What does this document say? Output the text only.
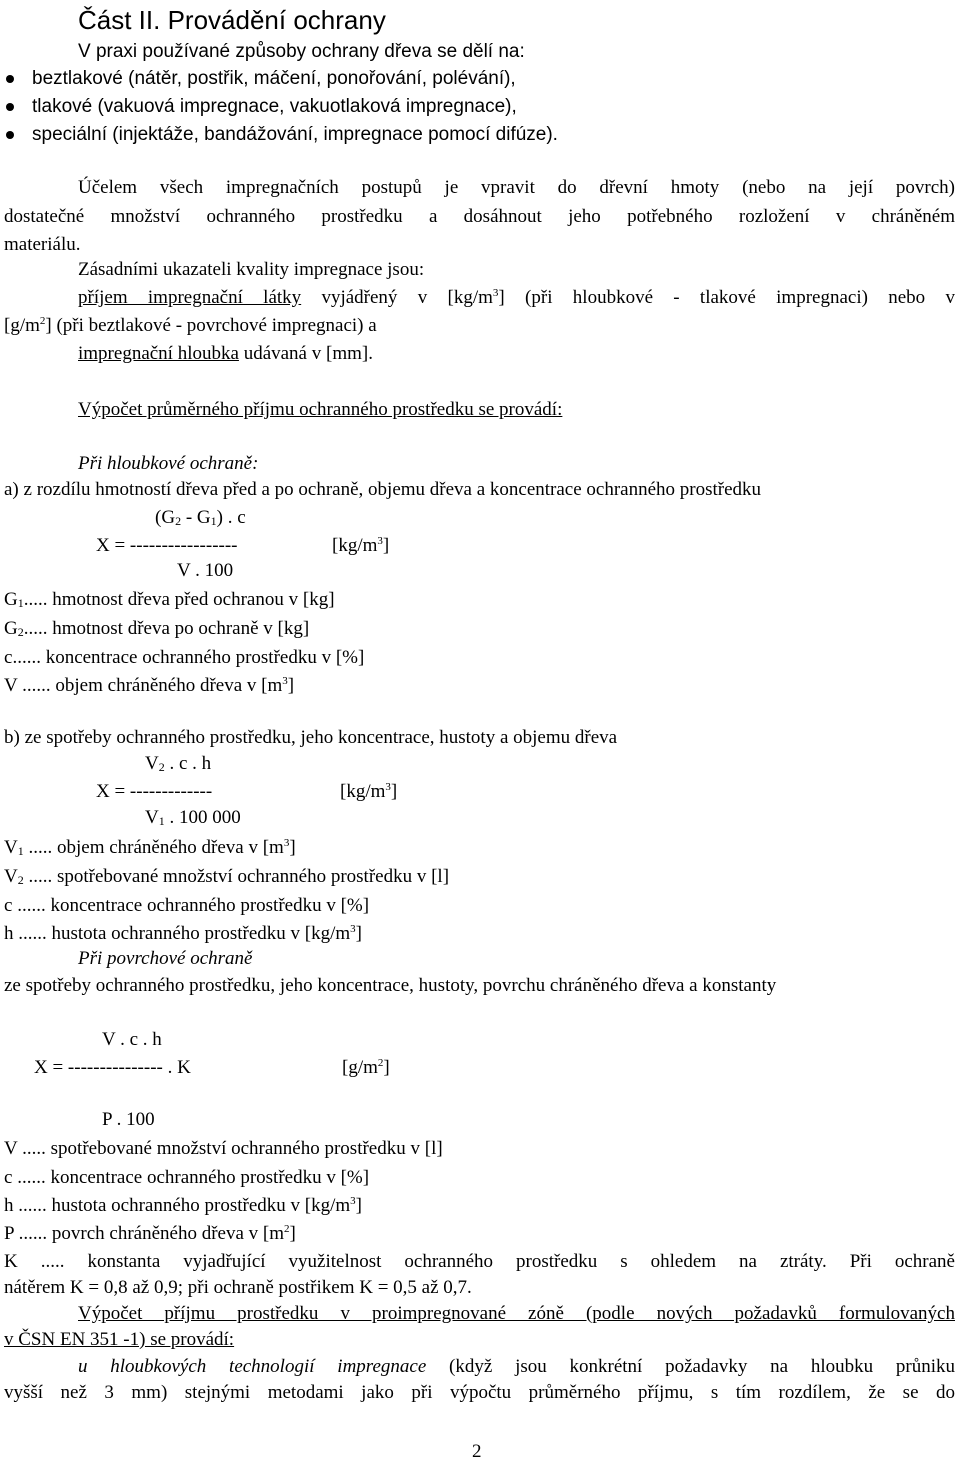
Část II. Provádění ochrany
V praxi používané způsoby ochrany dřeva se dělí na:
beztlakové (nátěr, postřik, máčení, ponořování, polévání),
tlakové (vakuová impregnace, vakuotlaková impregnace),
speciální (injektáže, bandážování, impregnace pomocí difúze).
Účelem všech impregnačních postupů je vpravit do dřevní hmoty (nebo na její povrch)
dostatečné množství ochranného prostředku a dosáhnout jeho potřebného rozložení v chráněném
materiálu.
Zásadními ukazateli kvality impregnace jsou:
příjem impregnační látky vyjádřený v $[kg/m^3]$ (při hloubkové - tlakové impregnaci) nebo v
$[g/m^2]$ (při beztlakové - povrchové impregnaci) a
impregnační hloubka udávaná v [mm].
Výpočet průměrného příjmu ochranného prostředku se provádí:
Při hloubkové ochraně:
a) z rozdílu hmotností dřeva před a po ochraně, objemu dřeva a koncentrace ochranného prostředku
$(G_2 - G_1)$ . c
X = -----------------	$[kg/m^3]$
V . 100
$G_1$..... hmotnost dřeva před ochranou v [kg]
$G_2$..... hmotnost dřeva po ochraně v [kg]
c...... koncentrace ochranného prostředku v [%]
V ...... objem chráněného dřeva v $[m^3]$
b) ze spotřeby ochranného prostředku, jeho koncentrace, hustoty a objemu dřeva
$V_2$ . c . h
X = -------------	$[kg/m^3]$
$V_1$ . 100 000
$V_1$ ..... objem chráněného dřeva v $[m^3]$
$V_2$ ..... spotřebované množství ochranného prostředku v [l]
c ...... koncentrace ochranného prostředku v [%]
h ...... hustota ochranného prostředku v $[kg/m^3]$
Při povrchové ochraně
ze spotřeby ochranného prostředku, jeho koncentrace, hustoty, povrchu chráněného dřeva a konstanty
V . c . h
X = --------------- . K	$[g/m^2]$
P . 100
V ..... spotřebované množství ochranného prostředku v [l]
c ...... koncentrace ochranného prostředku v [%]
h ...... hustota ochranného prostředku v $[kg/m^3]$
P ...... povrch chráněného dřeva v $[m^2]$
K ..... konstanta vyjadřující využitelnost ochranného prostředku s ohledem na ztráty. Při ochraně
nátěrem K = 0,8 až 0,9; při ochraně postřikem K = 0,5 až 0,7.
Výpočet příjmu prostředku v proimpregnované zóně (podle nových požadavků formulovaných
v ČSN EN 351 -1) se provádí:
u hloubkových technologií impregnace (když jsou konkrétní požadavky na hloubku průniku
vyšší než 3 mm) stejnými metodami jako při výpočtu průměrného příjmu, s tím rozdílem, že se do
2
